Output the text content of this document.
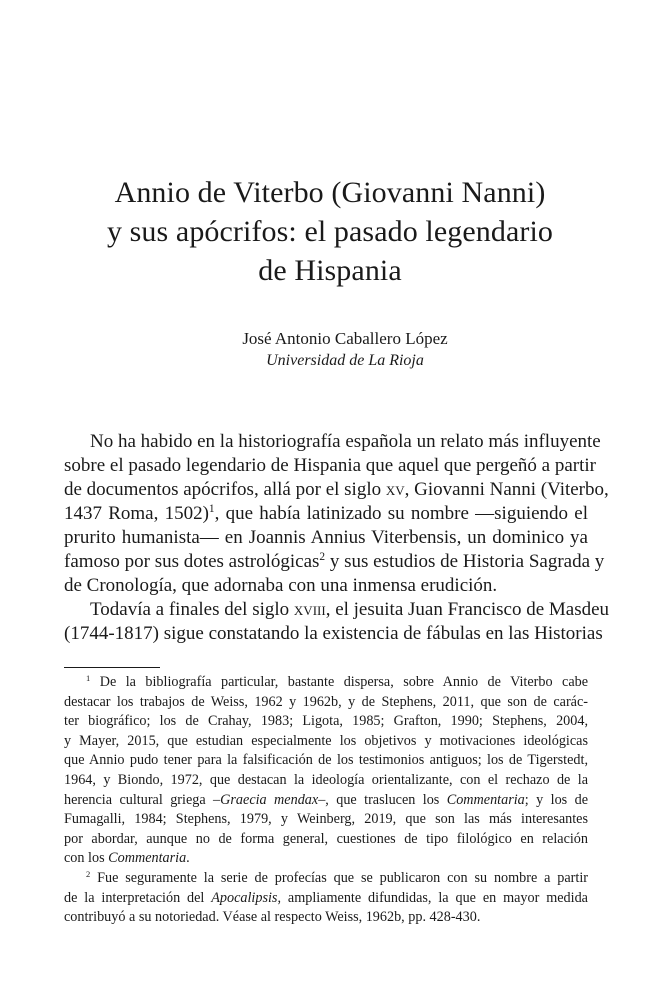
Annio de Viterbo (Giovanni Nanni)
y sus apócrifos: el pasado legendario
de Hispania
José Antonio Caballero López
Universidad de La Rioja
No ha habido en la historiografía española un relato más influyente
sobre el pasado legendario de Hispania que aquel que pergeñó a partir
de documentos apócrifos, allá por el siglo xv, Giovanni Nanni (Viterbo,
1437 Roma, 1502)$^1$, que había latinizado su nombre —siguiendo el
prurito humanista— en Joannis Annius Viterbensis, un dominico ya
famoso por sus dotes astrológicas$^2$ y sus estudios de Historia Sagrada y
de Cronología, que adornaba con una inmensa erudición.
Todavía a finales del siglo xviii, el jesuita Juan Francisco de Masdeu
(1744-1817) sigue constatando la existencia de fábulas en las Historias
$^1$ De la bibliografía particular, bastante dispersa, sobre Annio de Viterbo cabe
destacar los trabajos de Weiss, 1962 y 1962b, y de Stephens, 2011, que son de carác-
ter biográfico; los de Crahay, 1983; Ligota, 1985; Grafton, 1990; Stephens, 2004,
y Mayer, 2015, que estudian especialmente los objetivos y motivaciones ideológicas
que Annio pudo tener para la falsificación de los testimonios antiguos; los de Tigerstedt,
1964, y Biondo, 1972, que destacan la ideología orientalizante, con el rechazo de la
herencia cultural griega –Graecia mendax–, que traslucen los Commentaria; y los de
Fumagalli, 1984; Stephens, 1979, y Weinberg, 2019, que son las más interesantes
por abordar, aunque no de forma general, cuestiones de tipo filológico en relación
con los Commentaria.
$^2$ Fue seguramente la serie de profecías que se publicaron con su nombre a partir
de la interpretación del Apocalipsis, ampliamente difundidas, la que en mayor medida
contribuyó a su notoriedad. Véase al respecto Weiss, 1962b, pp. 428-430.
